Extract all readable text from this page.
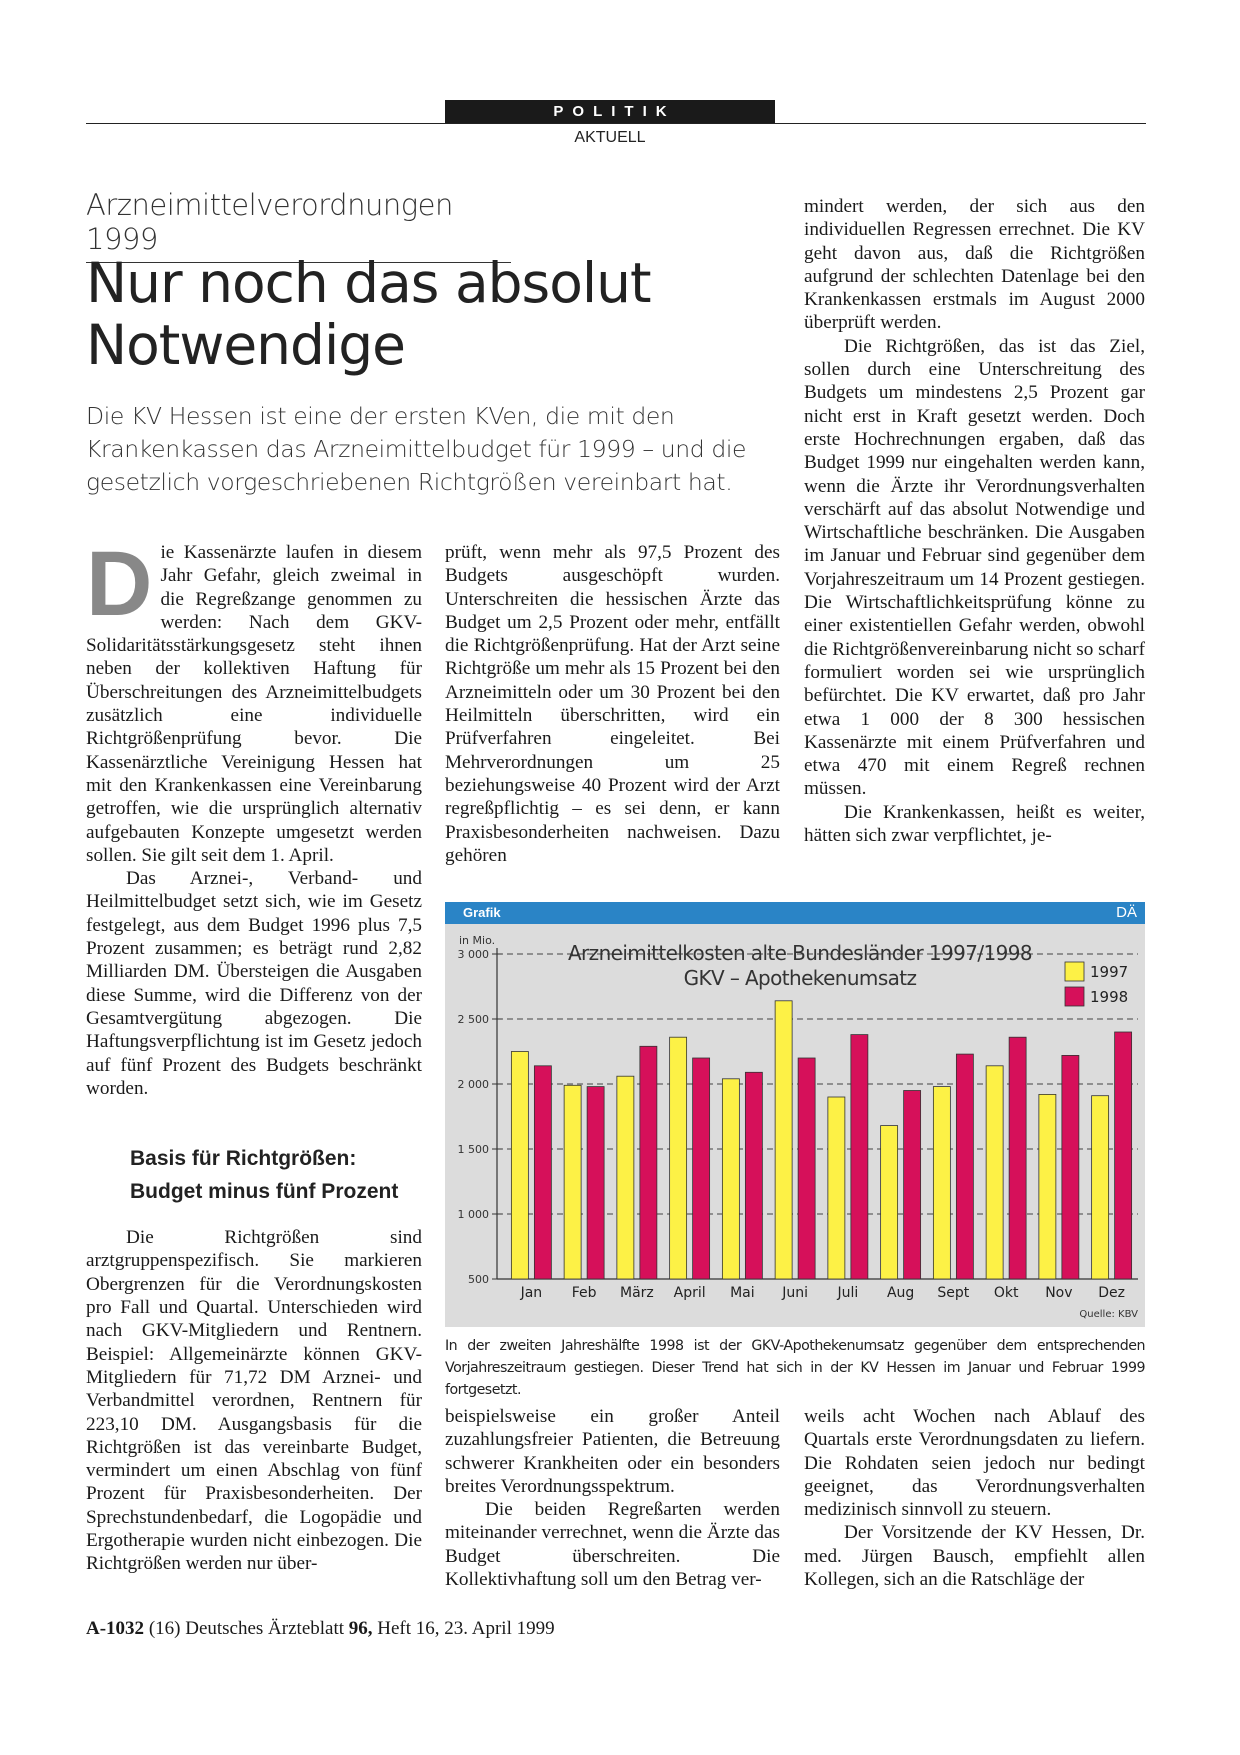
POLITIK
AKTUELL
Arzneimittelverordnungen 1999
Nur noch das absolut Notwendige
Die KV Hessen ist eine der ersten KVen, die mit den Krankenkassen das Arzneimittelbudget für 1999 – und die gesetzlich vorgeschriebenen Richtgrößen vereinbart hat.

Die Kassenärzte laufen in diesem Jahr Gefahr, gleich zweimal in die Regreßzange genommen zu werden: Nach dem GKV-Solidaritätsstärkungsgesetz steht ihnen neben der kollektiven Haftung für Überschreitungen des Arzneimittelbudgets zusätzlich eine individuelle Richtgrößenprüfung bevor. Die Kassenärztliche Vereinigung Hessen hat mit den Krankenkassen eine Vereinbarung getroffen, wie die ursprünglich alternativ aufgebauten Konzepte umgesetzt werden sollen. Sie gilt seit dem 1. April.

Das Arznei-, Verband- und Heilmittelbudget setzt sich, wie im Gesetz festgelegt, aus dem Budget 1996 plus 7,5 Prozent zusammen; es beträgt rund 2,82 Milliarden DM. Übersteigen die Ausgaben diese Summe, wird die Differenz von der Gesamtvergütung abgezogen. Die Haftungsverpflichtung ist im Gesetz jedoch auf fünf Prozent des Budgets beschränkt worden.

Basis für Richtgrößen: Budget minus fünf Prozent

Die Richtgrößen sind arztgruppenspezifisch. Sie markieren Obergrenzen für die Verordnungskosten pro Fall und Quartal. Unterschieden wird nach GKV-Mitgliedern und Rentnern. Beispiel: Allgemeinärzte können GKV-Mitgliedern für 71,72 DM Arznei- und Verbandmittel verordnen, Rentnern für 223,10 DM. Ausgangsbasis für die Richtgrößen ist das vereinbarte Budget, vermindert um einen Abschlag von fünf Prozent für Praxisbesonderheiten. Der Sprechstundenbedarf, die Logopädie und Ergotherapie wurden nicht einbezogen. Die Richtgrößen werden nur über-

prüft, wenn mehr als 97,5 Prozent des Budgets ausgeschöpft wurden. Unterschreiten die hessischen Ärzte das Budget um 2,5 Prozent oder mehr, entfällt die Richtgrößenprüfung. Hat der Arzt seine Richtgröße um mehr als 15 Prozent bei den Arzneimitteln oder um 30 Prozent bei den Heilmitteln überschritten, wird ein Prüfverfahren eingeleitet. Bei Mehrverordnungen um 25 beziehungsweise 40 Prozent wird der Arzt regreßpflichtig – es sei denn, er kann Praxisbesonderheiten nachweisen. Dazu gehören

mindert werden, der sich aus den individuellen Regressen errechnet. Die KV geht davon aus, daß die Richtgrößen aufgrund der schlechten Datenlage bei den Krankenkassen erstmals im August 2000 überprüft werden.

Die Richtgrößen, das ist das Ziel, sollen durch eine Unterschreitung des Budgets um mindestens 2,5 Prozent gar nicht erst in Kraft gesetzt werden. Doch erste Hochrechnungen ergaben, daß das Budget 1999 nur eingehalten werden kann, wenn die Ärzte ihr Verordnungsverhalten verschärft auf das absolut Notwendige und Wirtschaftliche beschränken. Die Ausgaben im Januar und Februar sind gegenüber dem Vorjahreszeitraum um 14 Prozent gestiegen. Die Wirtschaftlichkeitsprüfung könne zu einer existentiellen Gefahr werden, obwohl die Richtgrößenvereinbarung nicht so scharf formuliert worden sei wie ursprünglich befürchtet. Die KV erwartet, daß pro Jahr etwa 1 000 der 8 300 hessischen Kassenärzte mit einem Prüfverfahren und etwa 470 mit einem Regreß rechnen müssen.

Die Krankenkassen, heißt es weiter, hätten sich zwar verpflichtet, je-

Grafik	DÄ
500
1 000
1 500
2 000
2 500
3 000
in Mio.
Jan Feb März April Mai Juni Juli Aug Sept Okt Nov Dez
Arzneimittelkosten alte Bundesländer 1997/1998
GKV – Apothekenumsatz	1997
1998
Quelle: KBV
In der zweiten Jahreshälfte 1998 ist der GKV-Apothekenumsatz gegenüber dem entsprechenden Vorjahreszeitraum gestiegen. Dieser Trend hat sich in der KV Hessen im Januar und Februar 1999 fortgesetzt.

beispielsweise ein großer Anteil zuzahlungsfreier Patienten, die Betreuung schwerer Krankheiten oder ein besonders breites Verordnungsspektrum.

Die beiden Regreßarten werden miteinander verrechnet, wenn die Ärzte das Budget überschreiten. Die Kollektivhaftung soll um den Betrag ver-

weils acht Wochen nach Ablauf des Quartals erste Verordnungsdaten zu liefern. Die Rohdaten seien jedoch nur bedingt geeignet, das Verordnungsverhalten medizinisch sinnvoll zu steuern.

Der Vorsitzende der KV Hessen, Dr. med. Jürgen Bausch, empfiehlt allen Kollegen, sich an die Ratschläge der

A-1032 (16) Deutsches Ärzteblatt 96, Heft 16, 23. April 1999
